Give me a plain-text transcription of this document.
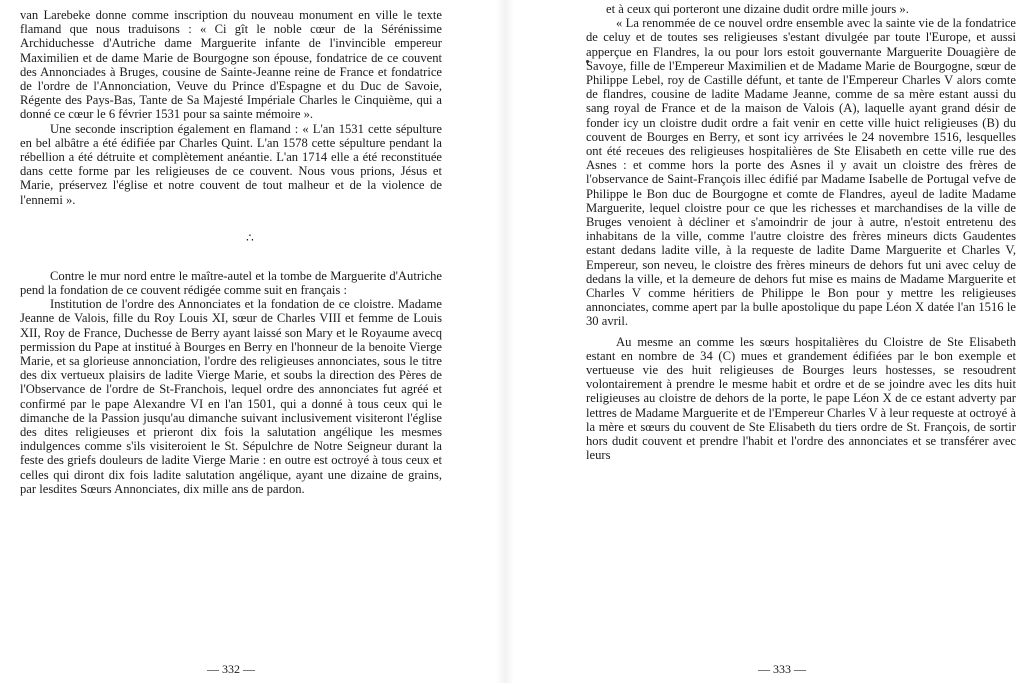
van Larebeke donne comme inscription du nouveau monument en ville le texte flamand que nous traduisons : « Ci gît le noble cœur de la Sérénissime Archiduchesse d'Autriche dame Marguerite infante de l'invincible empereur Maximilien et de dame Marie de Bourgogne son épouse, fondatrice de ce couvent des Annonciades à Bruges, cousine de Sainte-Jeanne reine de France et fondatrice de l'ordre de l'Annonciation, Veuve du Prince d'Espagne et du Duc de Savoie, Régente des Pays-Bas, Tante de Sa Majesté Impériale Charles le Cinquième, qui a donné ce cœur le 6 février 1531 pour sa sainte mémoire ».

Une seconde inscription également en flamand : « L'an 1531 cette sépulture en bel albâtre a été édifiée par Charles Quint. L'an 1578 cette sépulture pendant la rébellion a été détruite et complètement anéantie. L'an 1714 elle a été reconstituée dans cette forme par les religieuses de ce couvent. Nous vous prions, Jésus et Marie, préservez l'église et notre couvent de tout malheur et de la violence de l'ennemi ».

∴

Contre le mur nord entre le maître-autel et la tombe de Marguerite d'Autriche pend la fondation de ce couvent rédigée comme suit en français :

Institution de l'ordre des Annonciates et la fondation de ce cloistre. Madame Jeanne de Valois, fille du Roy Louis XI, sœur de Charles VIII et femme de Louis XII, Roy de France, Duchesse de Berry ayant laissé son Mary et le Royaume avecq permission du Pape at institué à Bourges en Berry en l'honneur de la benoite Vierge Marie, et sa glorieuse annonciation, l'ordre des religieuses annonciates, sous le titre des dix vertueux plaisirs de ladite Vierge Marie, et soubs la direction des Pères de l'Observance de l'ordre de St-Franchois, lequel ordre des annonciates fut agréé et confirmé par le pape Alexandre VI en l'an 1501, qui a donné à tous ceux qui le dimanche de la Passion jusqu'au dimanche suivant inclusivement visiteront l'église des dites religieuses et prieront dix fois la salutation angélique les mesmes indulgences comme s'ils visiteroient le St. Sépulchre de Notre Seigneur durant la feste des griefs douleurs de ladite Vierge Marie : en outre est octroyé à tous ceux et celles qui diront dix fois ladite salutation angélique, ayant une dizaine de grains, par lesdites Sœurs Annonciates, dix mille ans de pardon.

— 332 —

et à ceux qui porteront une dizaine dudit ordre mille jours ».

« La renommée de ce nouvel ordre ensemble avec la sainte vie de la fondatrice de celuy et de toutes ses religieuses s'estant divulgée par toute l'Europe, et aussi apperçue en Flandres, la ou pour lors estoit gouvernante Marguerite Douagière de Savoye, fille de l'Empereur Maximilien et de Madame Marie de Bourgogne, sœur de Philippe Lebel, roy de Castille défunt, et tante de l'Empereur Charles V alors comte de flandres, cousine de ladite Madame Jeanne, comme de sa mère estant aussi du sang royal de France et de la maison de Valois (A), laquelle ayant grand désir de fonder icy un cloistre dudit ordre a fait venir en cette ville huict religieuses (B) du couvent de Bourges en Berry, et sont icy arrivées le 24 novembre 1516, lesquelles ont été receues des religieuses hospitalières de Ste Elisabeth en cette ville rue des Asnes : et comme hors la porte des Asnes il y avait un cloistre des frères de l'observance de Saint-François illec édifié par Madame Isabelle de Portugal vefve de Philippe le Bon duc de Bourgogne et comte de Flandres, ayeul de ladite Madame Marguerite, lequel cloistre pour ce que les richesses et marchandises de la ville de Bruges venoient à décliner et s'amoindrir de jour à autre, n'estoit entretenu des inhabitans de la ville, comme l'autre cloistre des frères mineurs dicts Gaudentes estant dedans ladite ville, à la requeste de ladite Dame Marguerite et Charles V, Empereur, son neveu, le cloistre des frères mineurs de dehors fut uni avec celuy de dedans la ville, et la demeure de dehors fut mise es mains de Madame Marguerite et Charles V comme héritiers de Philippe le Bon pour y mettre les religieuses annonciates, comme apert par la bulle apostolique du pape Léon X datée l'an 1516 le 30 avril.

Au mesme an comme les sœurs hospitalières du Cloistre de Ste Elisabeth estant en nombre de 34 (C) mues et grandement édifiées par le bon exemple et vertueuse vie des huit religieuses de Bourges leurs hostesses, se resoudrent volontairement à prendre le mesme habit et ordre et de se joindre avec les dits huit religieuses au cloistre de dehors de la porte, le pape Léon X de ce estant adverty par lettres de Madame Marguerite et de l'Empereur Charles V à leur requeste at octroyé à la mère et sœurs du couvent de Ste Elisabeth du tiers ordre de St. François, de sortir hors dudit couvent et prendre l'habit et l'ordre des annonciates et se transférer avec leurs

— 333 —
